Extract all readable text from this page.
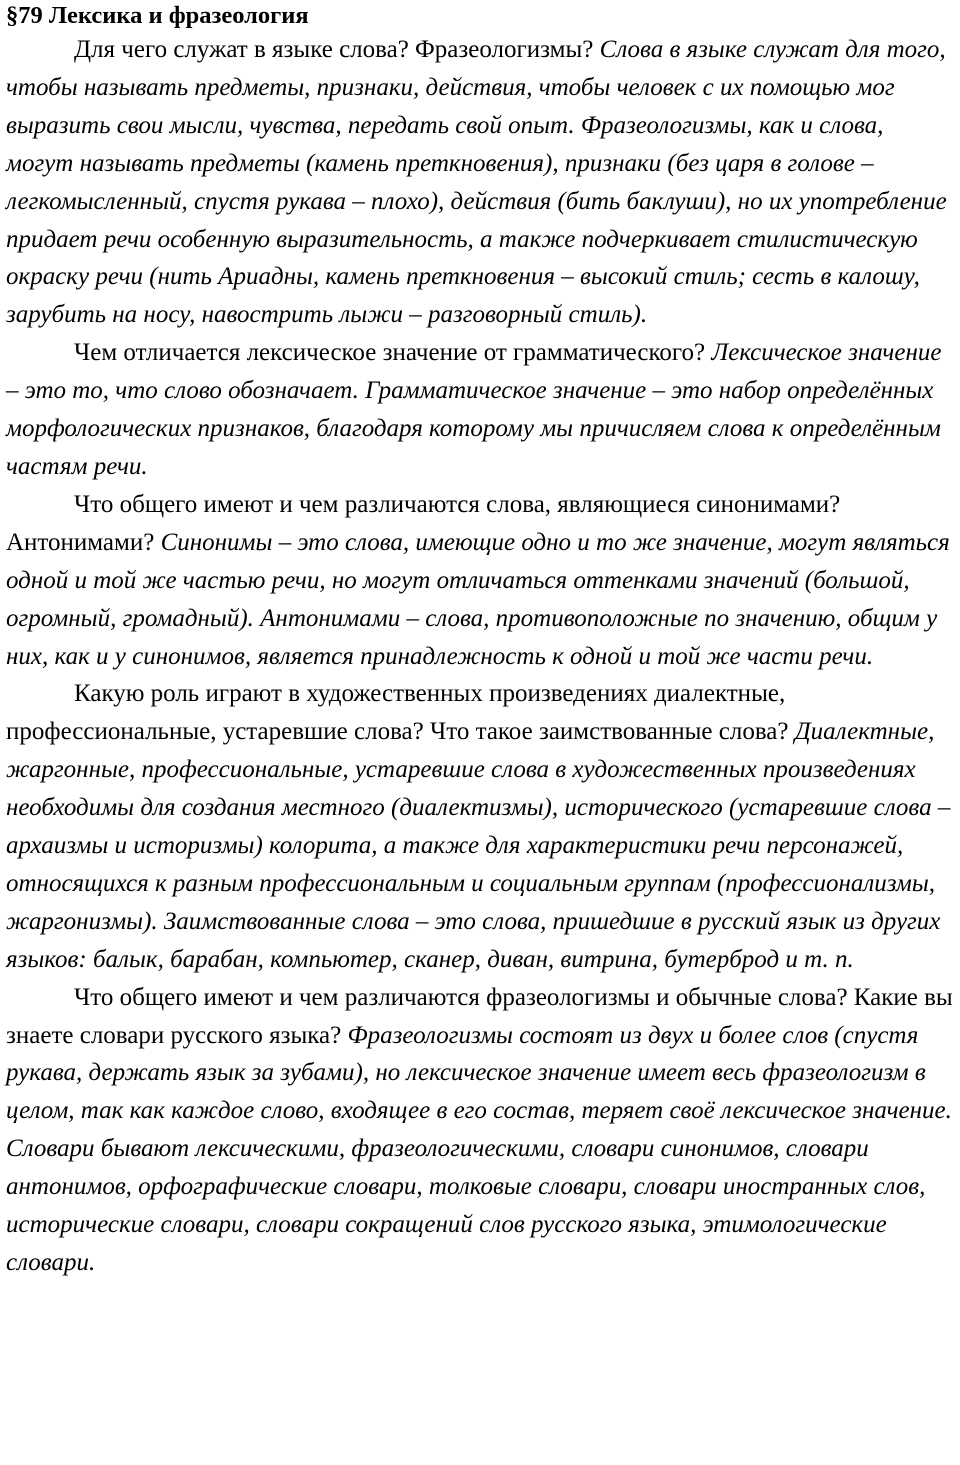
§79 Лексика и фразеология

Для чего служат в языке слова? Фразеологизмы? Слова в языке служат для того, чтобы называть предметы, признаки, действия, чтобы человек с их помощью мог выразить свои мысли, чувства, передать свой опыт. Фразеологизмы, как и слова, могут называть предметы (камень преткновения), признаки (без царя в голове – легкомысленный, спустя рукава – плохо), действия (бить баклуши), но их употребление придает речи особенную выразительность, а также подчеркивает стилистическую окраску речи (нить Ариадны, камень преткновения – высокий стиль; сесть в калошу, зарубить на носу, навострить лыжи – разговорный стиль).

Чем отличается лексическое значение от грамматического? Лексическое значение – это то, что слово обозначает. Грамматическое значение – это набор определённых морфологических признаков, благодаря которому мы причисляем слова к определённым частям речи.

Что общего имеют и чем различаются слова, являющиеся синонимами? Антонимами? Синонимы – это слова, имеющие одно и то же значение, могут являться одной и той же частью речи, но могут отличаться оттенками значений (большой, огромный, громадный). Антонимами – слова, противоположные по значению, общим у них, как и у синонимов, является принадлежность к одной и той же части речи.

Какую роль играют в художественных произведениях диалектные, профессиональные, устаревшие слова? Что такое заимствованные слова? Диалектные, жаргонные, профессиональные, устаревшие слова в художественных произведениях необходимы для создания местного (диалектизмы), исторического (устаревшие слова – архаизмы и историзмы) колорита, а также для характеристики речи персонажей, относящихся к разным профессиональным и социальным группам (профессионализмы, жаргонизмы). Заимствованные слова – это слова, пришедшие в русский язык из других языков: балык, барабан, компьютер, сканер, диван, витрина, бутерброд и т. п.

Что общего имеют и чем различаются фразеологизмы и обычные слова? Какие вы знаете словари русского языка? Фразеологизмы состоят из двух и более слов (спустя рукава, держать язык за зубами), но лексическое значение имеет весь фразеологизм в целом, так как каждое слово, входящее в его состав, теряет своё лексическое значение. Словари бывают лексическими, фразеологическими, словари синонимов, словари антонимов, орфографические словари, толковые словари, словари иностранных слов, исторические словари, словари сокращений слов русского языка, этимологические словари.
